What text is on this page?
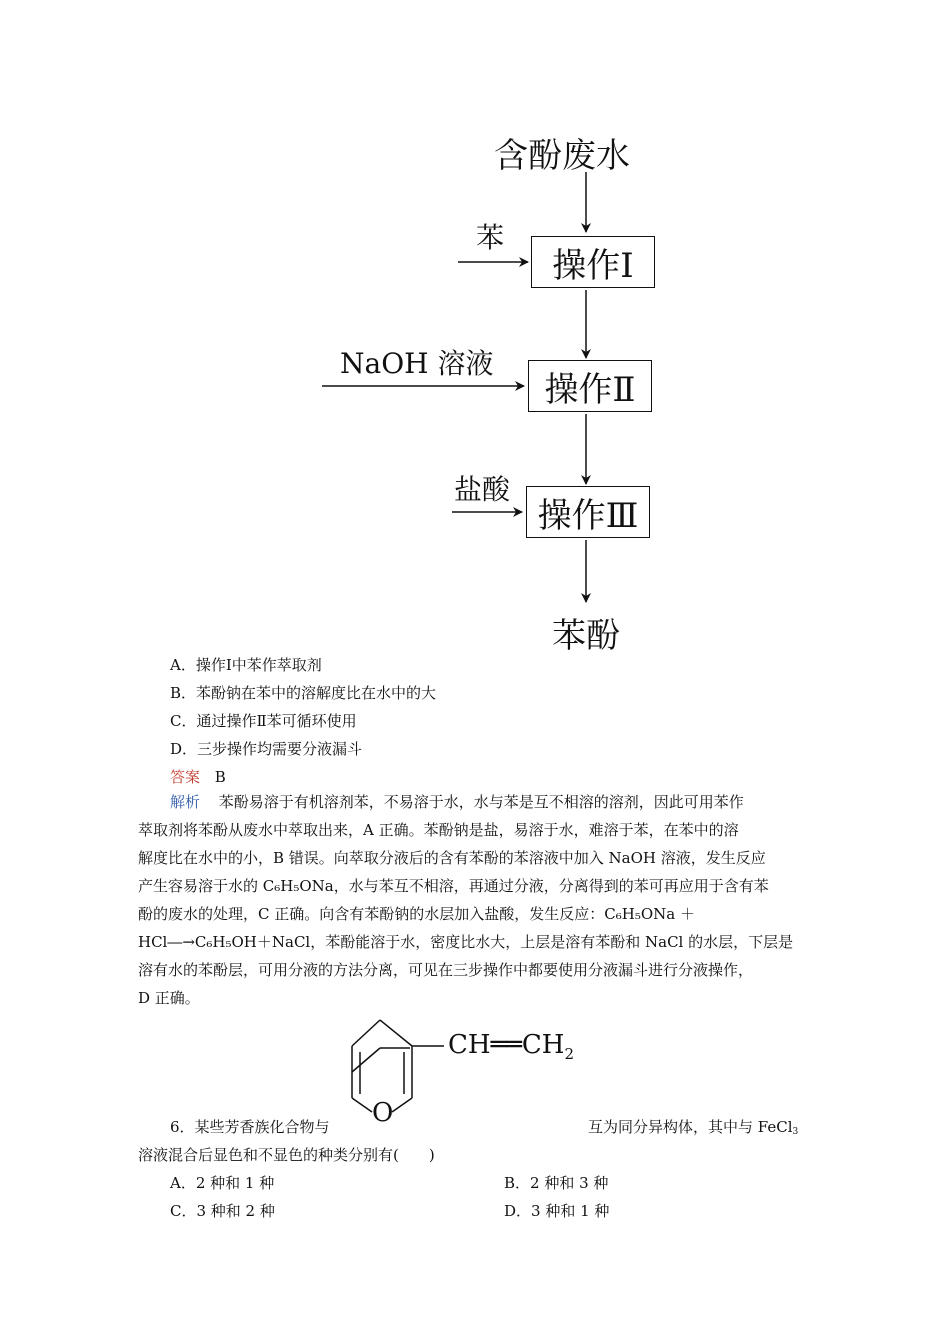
含酚废水
苯
操作Ⅰ
NaOH 溶液
操作Ⅱ
盐酸
操作Ⅲ
苯酚
A．操作Ⅰ中苯作萃取剂
B．苯酚钠在苯中的溶解度比在水中的大
C．通过操作Ⅱ苯可循环使用
D．三步操作均需要分液漏斗
答案 B
解析 苯酚易溶于有机溶剂苯，不易溶于水，水与苯是互不相溶的溶剂，因此可用苯作
萃取剂将苯酚从废水中萃取出来，A 正确。苯酚钠是盐，易溶于水，难溶于苯，在苯中的溶
解度比在水中的小，B 错误。向萃取分液后的含有苯酚的苯溶液中加入 NaOH 溶液，发生反应
产生容易溶于水的 C₆H₅ONa，水与苯互不相溶，再通过分液，分离得到的苯可再应用于含有苯
酚的废水的处理，C 正确。向含有苯酚钠的水层加入盐酸，发生反应：C₆H₅ONa ＋
HCl―→C₆H₅OH＋NaCl，苯酚能溶于水，密度比水大，上层是溶有苯酚和 NaCl 的水层，下层是
溶有水的苯酚层，可用分液的方法分离，可见在三步操作中都要使用分液漏斗进行分液操作，
D 正确。
$CH══CH_2$
O
6．某些芳香族化合物与	互为同分异构体，其中与 FeCl$_3$
溶液混合后显色和不显色的种类分别有(　　)
A．2 种和 1 种	B．2 种和 3 种
C．3 种和 2 种	D．3 种和 1 种
